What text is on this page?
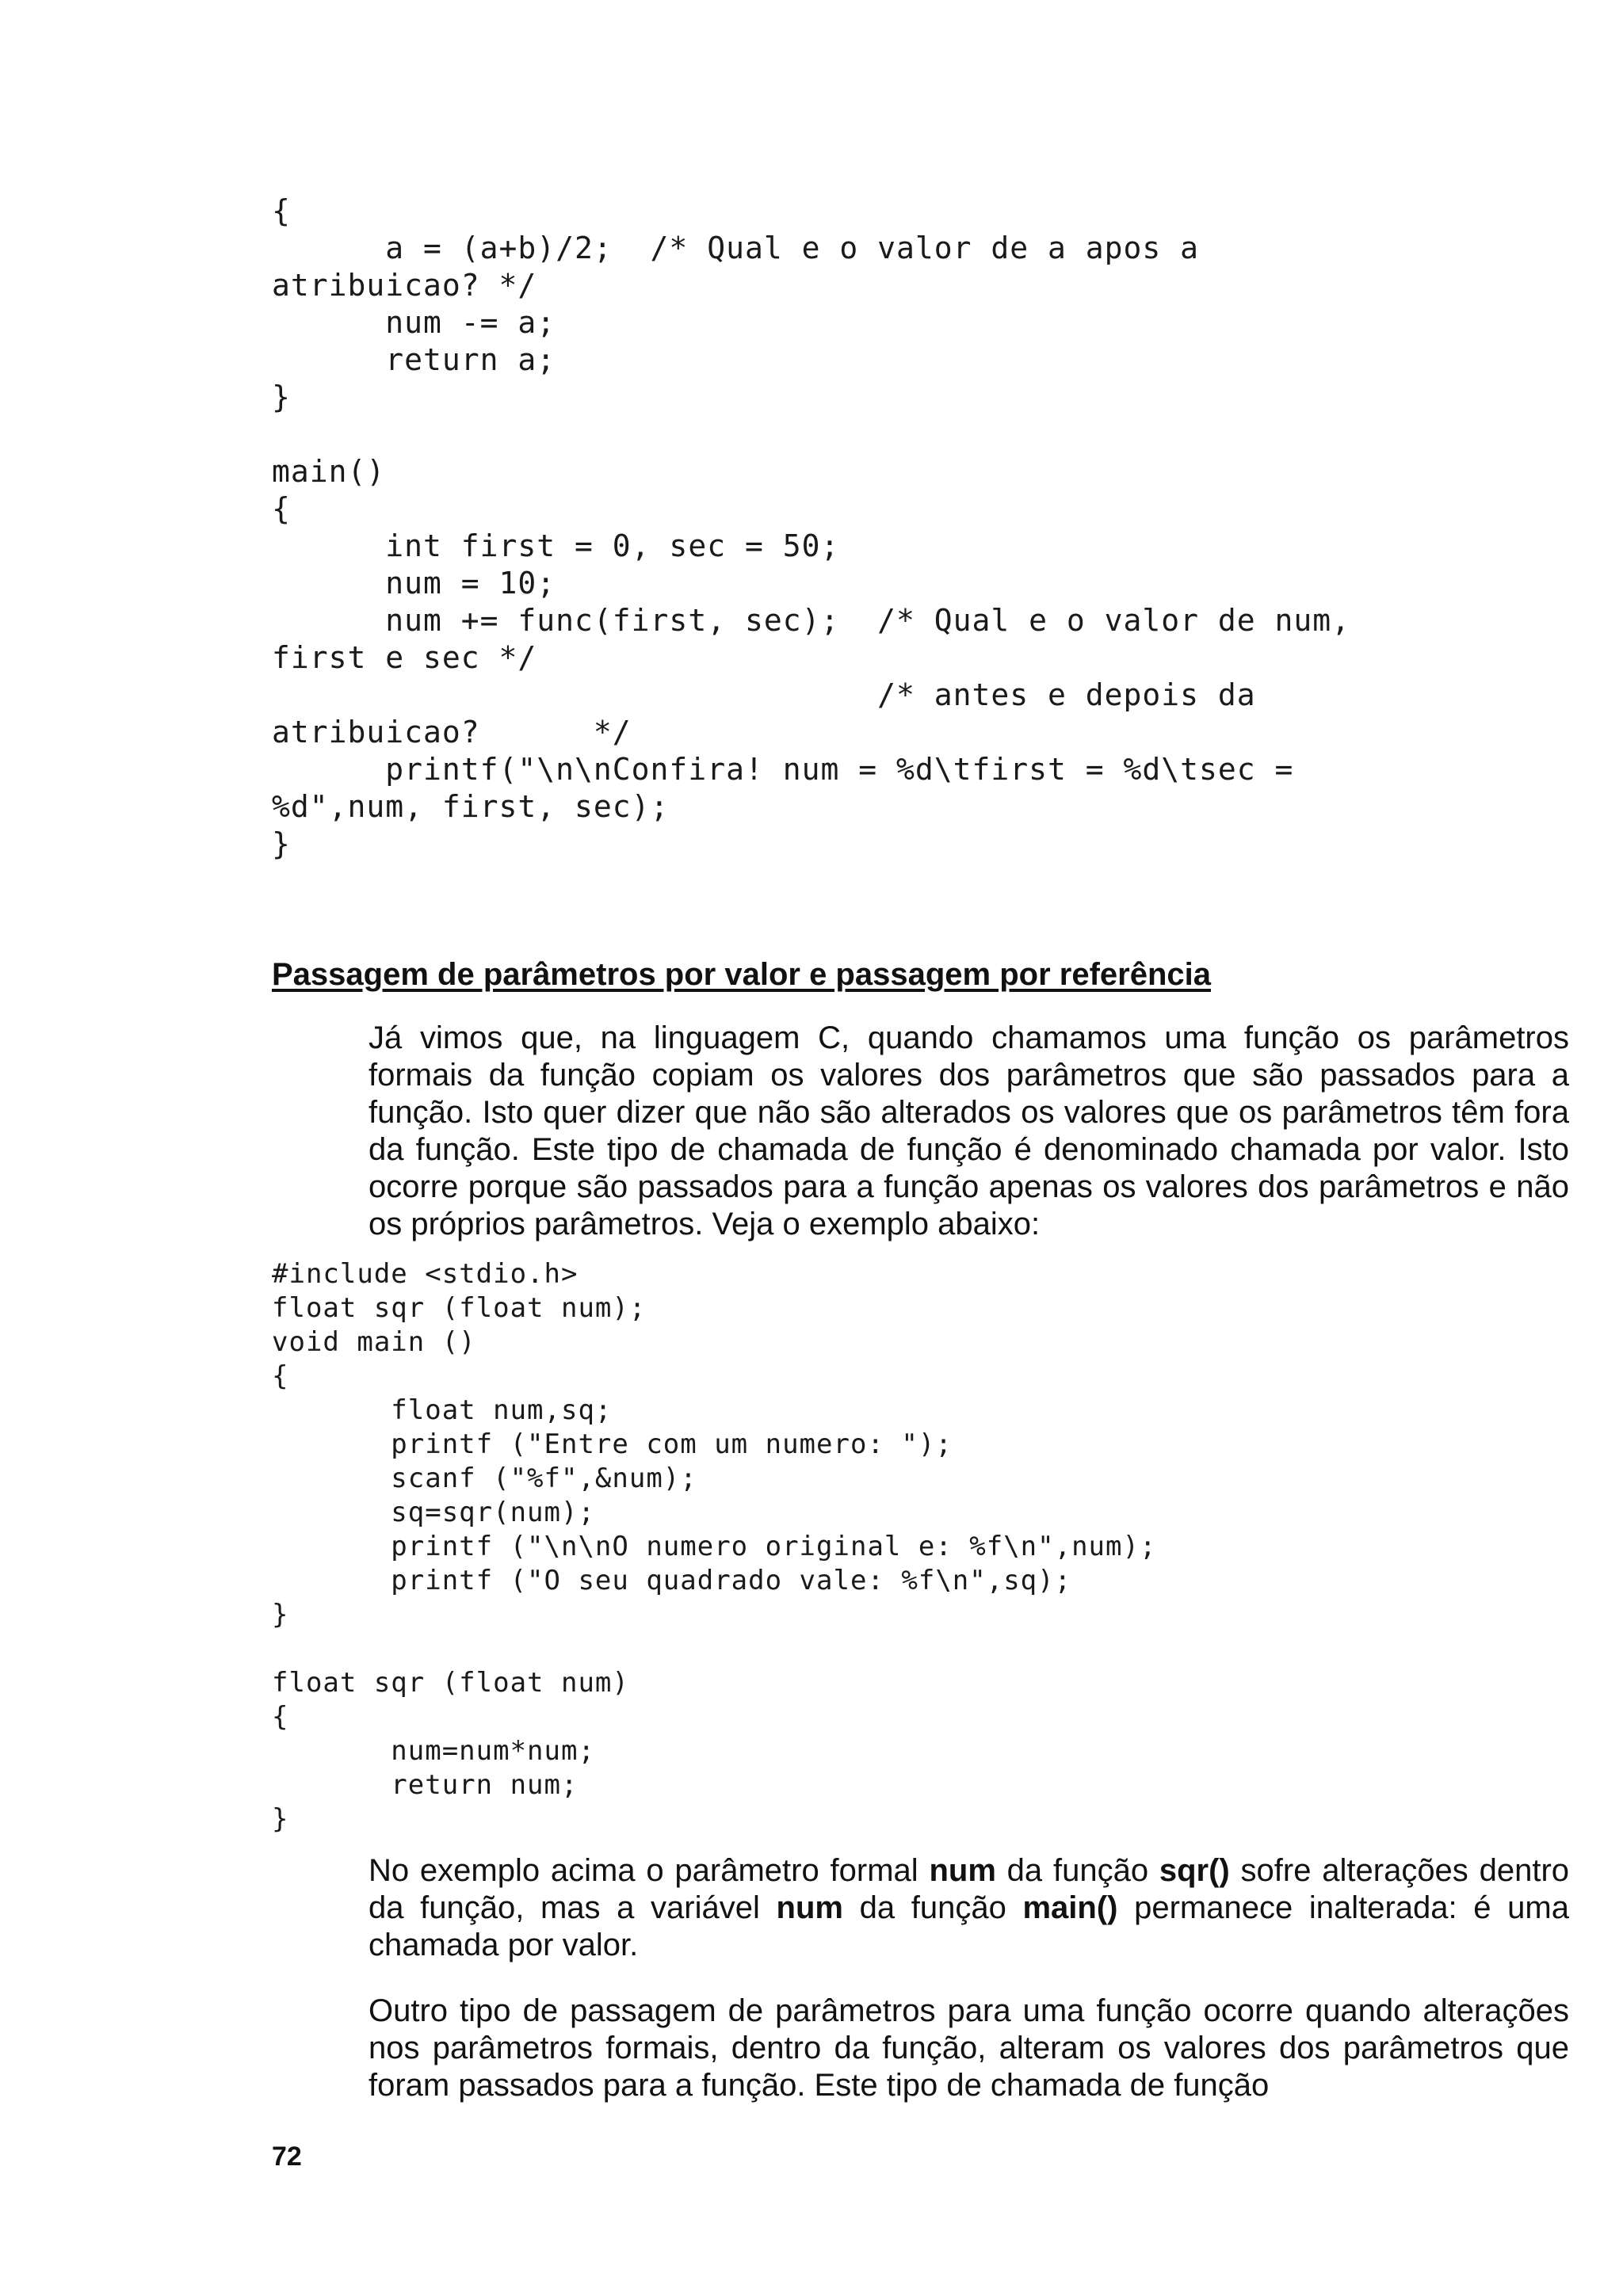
{
a = (a+b)/2;  /* Qual e o valor de a apos a
atribuicao? */
num -= a;
return a;
}

main()
{
int first = 0, sec = 50;
num = 10;
num += func(first, sec);  /* Qual e o valor de num,
first e sec */
/* antes e depois da
atribuicao?      */
printf("\n\nConfira! num = %d\tfirst = %d\tsec =
%d",num, first, sec);
}
Passagem de parâmetros por valor e passagem por referência

Já vimos que, na linguagem C, quando chamamos uma função os parâmetros formais da função copiam os valores dos parâmetros que são passados para a função. Isto quer dizer que não são alterados os valores que os parâmetros têm fora da função. Este tipo de chamada de função é denominado chamada por valor. Isto ocorre porque são passados para a função apenas os valores dos parâmetros e não os próprios parâmetros. Veja o exemplo abaixo:

#include <stdio.h>
float sqr (float num);
void main ()
{
float num,sq;
printf ("Entre com um numero: ");
scanf ("%f",&num);
sq=sqr(num);
printf ("\n\nO numero original e: %f\n",num);
printf ("O seu quadrado vale: %f\n",sq);
}

float sqr (float num)
{
num=num*num;
return num;
}

No exemplo acima o parâmetro formal num da função sqr() sofre alterações dentro da função, mas a variável num da função main() permanece inalterada: é uma chamada por valor.

Outro tipo de passagem de parâmetros para uma função ocorre quando alterações nos parâmetros formais, dentro da função, alteram os valores dos parâmetros que foram passados para a função. Este tipo de chamada de função

72
